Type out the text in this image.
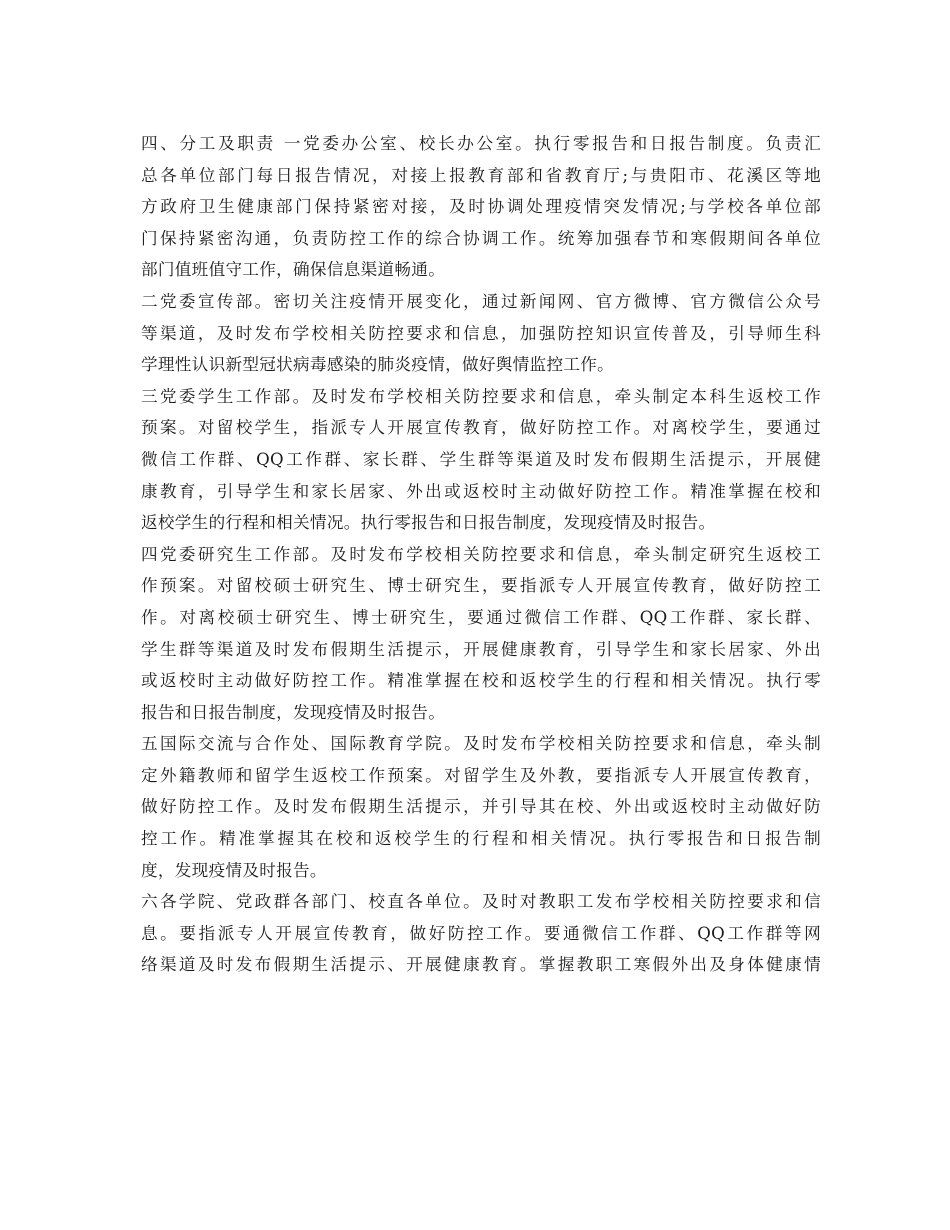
四、分工及职责 一党委办公室、校长办公室。执行零报告和日报告制度。负责汇
总各单位部门每日报告情况，对接上报教育部和省教育厅;与贵阳市、花溪区等地
方政府卫生健康部门保持紧密对接，及时协调处理疫情突发情况;与学校各单位部
门保持紧密沟通，负责防控工作的综合协调工作。统筹加强春节和寒假期间各单位
部门值班值守工作，确保信息渠道畅通。
二党委宣传部。密切关注疫情开展变化，通过新闻网、官方微博、官方微信公众号
等渠道，及时发布学校相关防控要求和信息，加强防控知识宣传普及，引导师生科
学理性认识新型冠状病毒感染的肺炎疫情，做好舆情监控工作。
三党委学生工作部。及时发布学校相关防控要求和信息，牵头制定本科生返校工作
预案。对留校学生，指派专人开展宣传教育，做好防控工作。对离校学生，要通过
微信工作群、QQ工作群、家长群、学生群等渠道及时发布假期生活提示，开展健
康教育，引导学生和家长居家、外出或返校时主动做好防控工作。精准掌握在校和
返校学生的行程和相关情况。执行零报告和日报告制度，发现疫情及时报告。
四党委研究生工作部。及时发布学校相关防控要求和信息，牵头制定研究生返校工
作预案。对留校硕士研究生、博士研究生，要指派专人开展宣传教育，做好防控工
作。对离校硕士研究生、博士研究生，要通过微信工作群、QQ工作群、家长群、
学生群等渠道及时发布假期生活提示，开展健康教育，引导学生和家长居家、外出
或返校时主动做好防控工作。精准掌握在校和返校学生的行程和相关情况。执行零
报告和日报告制度，发现疫情及时报告。
五国际交流与合作处、国际教育学院。及时发布学校相关防控要求和信息，牵头制
定外籍教师和留学生返校工作预案。对留学生及外教，要指派专人开展宣传教育，
做好防控工作。及时发布假期生活提示，并引导其在校、外出或返校时主动做好防
控工作。精准掌握其在校和返校学生的行程和相关情况。执行零报告和日报告制
度，发现疫情及时报告。
六各学院、党政群各部门、校直各单位。及时对教职工发布学校相关防控要求和信
息。要指派专人开展宣传教育，做好防控工作。要通微信工作群、QQ工作群等网
络渠道及时发布假期生活提示、开展健康教育。掌握教职工寒假外出及身体健康情
